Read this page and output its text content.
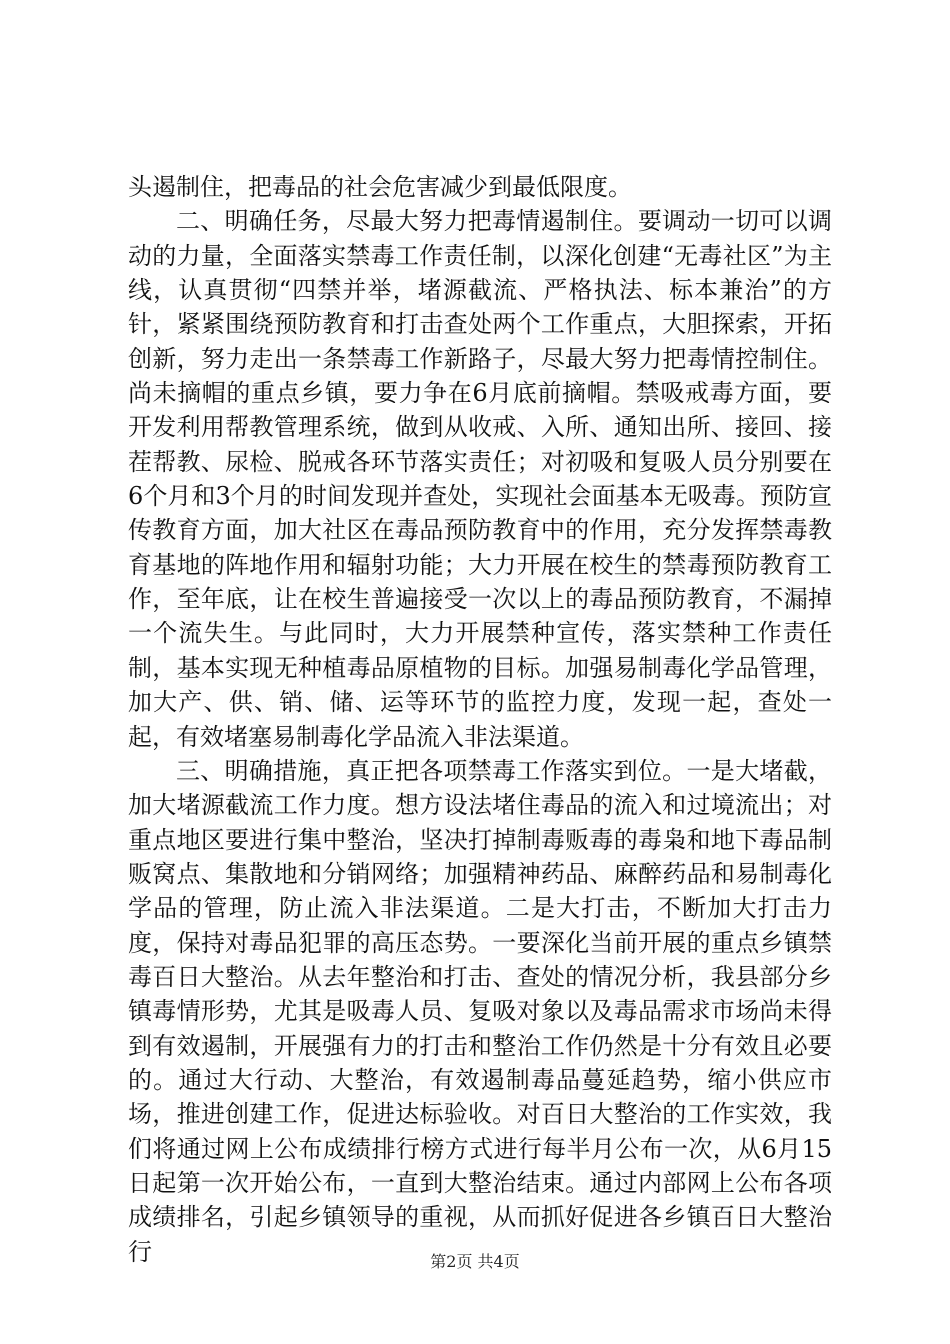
头遏制住，把毒品的社会危害减少到最低限度。

二、明确任务，尽最大努力把毒情遏制住。要调动一切可以调动的力量，全面落实禁毒工作责任制，以深化创建“无毒社区”为主线，认真贯彻“四禁并举，堵源截流、严格执法、标本兼治”的方针，紧紧围绕预防教育和打击查处两个工作重点，大胆探索，开拓创新，努力走出一条禁毒工作新路子，尽最大努力把毒情控制住。尚未摘帽的重点乡镇，要力争在6月底前摘帽。禁吸戒毒方面，要开发利用帮教管理系统，做到从收戒、入所、通知出所、接回、接茬帮教、尿检、脱戒各环节落实责任；对初吸和复吸人员分别要在6个月和3个月的时间发现并查处，实现社会面基本无吸毒。预防宣传教育方面，加大社区在毒品预防教育中的作用，充分发挥禁毒教育基地的阵地作用和辐射功能；大力开展在校生的禁毒预防教育工作，至年底，让在校生普遍接受一次以上的毒品预防教育，不漏掉一个流失生。与此同时，大力开展禁种宣传，落实禁种工作责任制，基本实现无种植毒品原植物的目标。加强易制毒化学品管理，加大产、供、销、储、运等环节的监控力度，发现一起，查处一起，有效堵塞易制毒化学品流入非法渠道。

三、明确措施，真正把各项禁毒工作落实到位。一是大堵截，加大堵源截流工作力度。想方设法堵住毒品的流入和过境流出；对重点地区要进行集中整治，坚决打掉制毒贩毒的毒枭和地下毒品制贩窝点、集散地和分销网络；加强精神药品、麻醉药品和易制毒化学品的管理，防止流入非法渠道。二是大打击，不断加大打击力度，保持对毒品犯罪的高压态势。一要深化当前开展的重点乡镇禁毒百日大整治。从去年整治和打击、查处的情况分析，我县部分乡镇毒情形势，尤其是吸毒人员、复吸对象以及毒品需求市场尚未得到有效遏制，开展强有力的打击和整治工作仍然是十分有效且必要的。通过大行动、大整治，有效遏制毒品蔓延趋势，缩小供应市场，推进创建工作，促进达标验收。对百日大整治的工作实效，我们将通过网上公布成绩排行榜方式进行每半月公布一次，从6月15日起第一次开始公布，一直到大整治结束。通过内部网上公布各项成绩排名，引起乡镇领导的重视，从而抓好促进各乡镇百日大整治行	第2页 共4页
